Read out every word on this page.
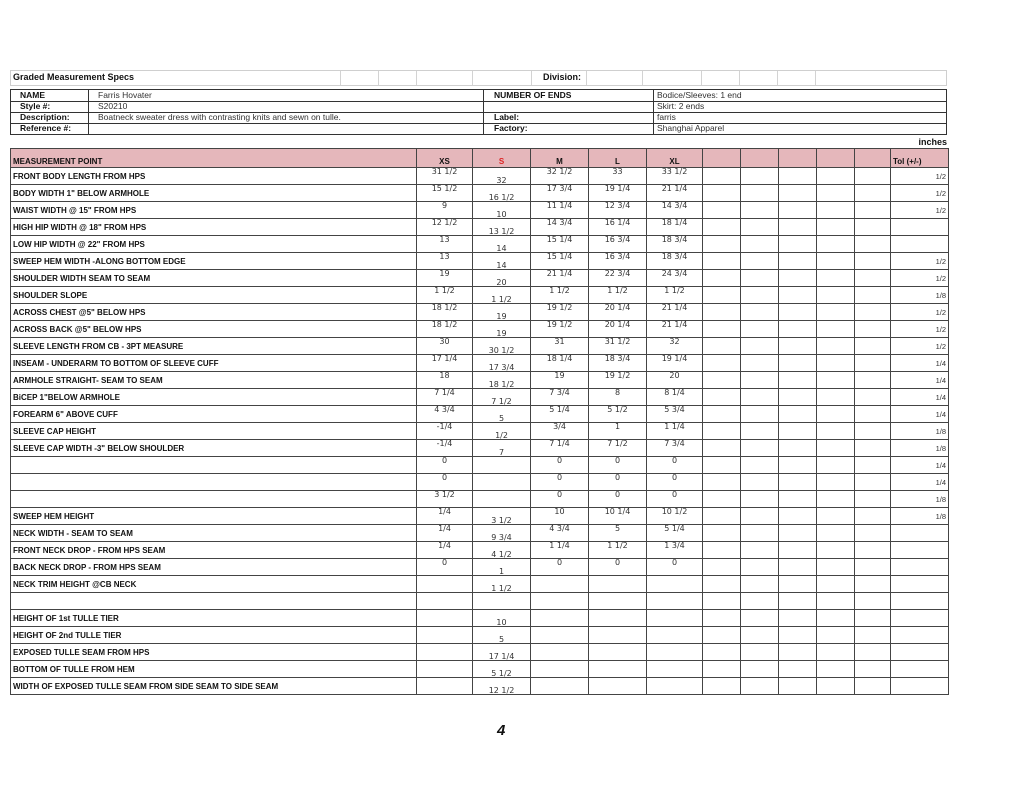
Graded Measurement Specs	Division:
NAME	Farris Hovater	NUMBER OF ENDS	Bodice/Sleeves: 1 end
Style #:	S20210	Skirt: 2 ends
Description:	Boatneck sweater dress with contrasting knits and sewn on tulle.	Label:	farris
Reference #:	Factory:	Shanghai Apparel
inches
MEASUREMENT POINT	XS	S	M	L	XL						Tol (+/-)
FRONT BODY LENGTH FROM HPS	31 1/2	32	32 1/2	33	33 1/2						1/2
BODY WIDTH 1" BELOW ARMHOLE	15 1/2	16 1/2	17 3/4	19 1/4	21 1/4						1/2
WAIST WIDTH @ 15" FROM HPS	9	10	11 1/4	12 3/4	14 3/4						1/2
HIGH HIP WIDTH @ 18" FROM HPS	12 1/2	13 1/2	14 3/4	16 1/4	18 1/4						

LOW HIP WIDTH @ 22" FROM HPS	13	14	15 1/4	16 3/4	18 3/4						

SWEEP HEM WIDTH -ALONG BOTTOM EDGE	13	14	15 1/4	16 3/4	18 3/4						1/2
SHOULDER WIDTH SEAM TO SEAM	19	20	21 1/4	22 3/4	24 3/4						1/2
SHOULDER SLOPE	1 1/2	1 1/2	1 1/2	1 1/2	1 1/2						1/8
ACROSS CHEST @5" BELOW HPS	18 1/2	19	19 1/2	20 1/4	21 1/4						1/2
ACROSS BACK @5" BELOW HPS	18 1/2	19	19 1/2	20 1/4	21 1/4						1/2
SLEEVE LENGTH FROM CB - 3PT MEASURE	30	30 1/2	31	31 1/2	32						1/2
INSEAM - UNDERARM TO BOTTOM OF SLEEVE CUFF	17 1/4	17 3/4	18 1/4	18 3/4	19 1/4						1/4
ARMHOLE STRAIGHT- SEAM TO SEAM	18	18 1/2	19	19 1/2	20						1/4
BiCEP 1"BELOW ARMHOLE	7 1/4	7 1/2	7 3/4	8	8 1/4						1/4
FOREARM 6" ABOVE CUFF	4 3/4	5	5 1/4	5 1/2	5 3/4						1/4
SLEEVE CAP HEIGHT	-1/4	1/2	3/4	1	1 1/4						1/8
SLEEVE CAP WIDTH -3" BELOW SHOULDER	-1/4	7	7 1/4	7 1/2	7 3/4						1/8

	0		0	0	0						1/4

	0		0	0	0						1/4

	3 1/2		0	0	0						1/8
SWEEP HEM HEIGHT	1/4	3 1/2	10	10 1/4	10 1/2						1/8
NECK WIDTH - SEAM TO SEAM	1/4	9 3/4	4 3/4	5	5 1/4						

FRONT NECK DROP - FROM HPS SEAM	1/4	4 1/2	1 1/4	1 1/2	1 3/4						

BACK NECK DROP - FROM HPS SEAM	0	1	0	0	0						

NECK TRIM HEIGHT @CB NECK		1 1/2									

HEIGHT OF 1st TULLE TIER		10									

HEIGHT OF 2nd TULLE TIER		5									

EXPOSED TULLE SEAM FROM HPS		17 1/4									

BOTTOM OF TULLE FROM HEM		5 1/2									

WIDTH OF EXPOSED TULLE SEAM FROM SIDE SEAM TO SIDE SEAM		12 1/2									

4
